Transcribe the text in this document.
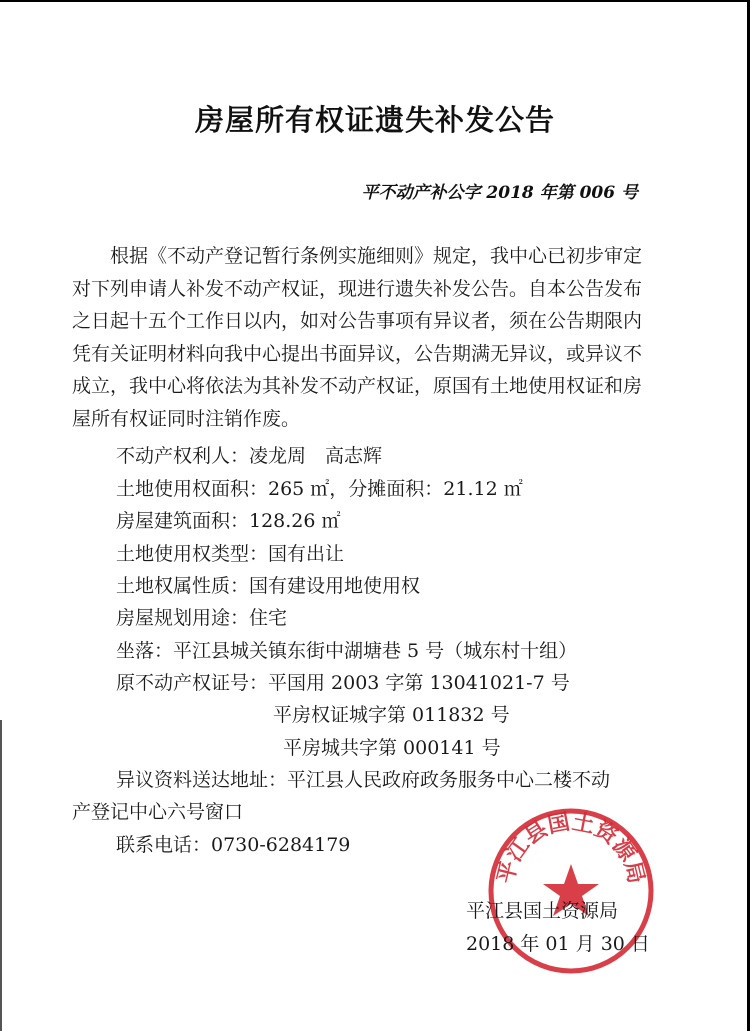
房屋所有权证遗失补发公告
平不动产补公字 2018 年第 006 号
根据《不动产登记暂行条例实施细则》规定，我中心已初步审定对下列申请人补发不动产权证，现进行遗失补发公告。自本公告发布之日起十五个工作日以内，如对公告事项有异议者，须在公告期限内凭有关证明材料向我中心提出书面异议，公告期满无异议，或异议不成立，我中心将依法为其补发不动产权证，原国有土地使用权证和房屋所有权证同时注销作废。
不动产权利人：凌龙周　高志辉
土地使用权面积：265 ㎡，分摊面积：21.12 ㎡
房屋建筑面积：128.26 ㎡
土地使用权类型：国有出让
土地权属性质：国有建设用地使用权
房屋规划用途：住宅
坐落：平江县城关镇东街中湖塘巷 5 号（城东村十组）
原不动产权证号：平国用 2003 字第 13041021-7 号
平房权证城字第 011832 号
平房城共字第 000141 号
异议资料送达地址：平江县人民政府政务服务中心二楼不动
产登记中心六号窗口
联系电话：0730-6284179
平江县国土资源局
平江县国土资源局
2018 年 01 月 30 日
